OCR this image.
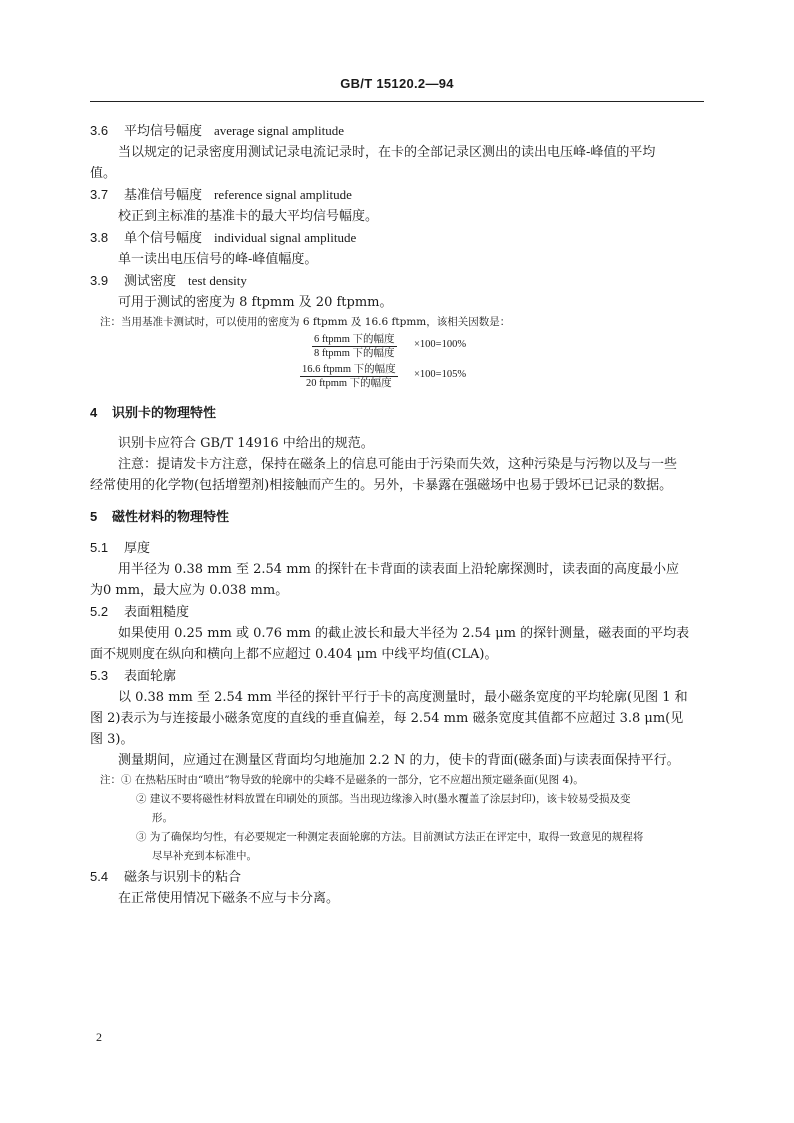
GB/T 15120.2—94
3.6 平均信号幅度 average signal amplitude
当以规定的记录密度用测试记录电流记录时，在卡的全部记录区测出的读出电压峰-峰值的平均
值。
3.7 基准信号幅度 reference signal amplitude
校正到主标准的基准卡的最大平均信号幅度。
3.8 单个信号幅度 individual signal amplitude
单一读出电压信号的峰-峰值幅度。
3.9 测试密度 test density
可用于测试的密度为 8 ftpmm 及 20 ftpmm。
注：当用基准卡测试时，可以使用的密度为 6 ftpmm 及 16.6 ftpmm，该相关因数是：
6 ftpmm 下的幅度
8 ftpmm 下的幅度
×100=100%
16.6 ftpmm 下的幅度
20 ftpmm 下的幅度
×100=105%
4 识别卡的物理特性
识别卡应符合 GB/T 14916 中给出的规范。
注意：提请发卡方注意，保持在磁条上的信息可能由于污染而失效，这种污染是与污物以及与一些
经常使用的化学物(包括增塑剂)相接触而产生的。另外，卡暴露在强磁场中也易于毁坏已记录的数据。
5 磁性材料的物理特性
5.1 厚度
用半径为 0.38 mm 至 2.54 mm 的探针在卡背面的读表面上沿轮廓探测时，读表面的高度最小应
为0 mm，最大应为 0.038 mm。
5.2 表面粗糙度
如果使用 0.25 mm 或 0.76 mm 的截止波长和最大半径为 2.54 μm 的探针测量，磁表面的平均表
面不规则度在纵向和横向上都不应超过 0.404 μm 中线平均值(CLA)。
5.3 表面轮廓
以 0.38 mm 至 2.54 mm 半径的探针平行于卡的高度测量时，最小磁条宽度的平均轮廓(见图 1 和
图 2)表示为与连接最小磁条宽度的直线的垂直偏差，每 2.54 mm 磁条宽度其值都不应超过 3.8 μm(见
图 3)。
测量期间，应通过在测量区背面均匀地施加 2.2 N 的力，使卡的背面(磁条面)与读表面保持平行。
注：① 在热粘压时由“喷出”物导致的轮廓中的尖峰不是磁条的一部分，它不应超出预定磁条面(见图 4)。
② 建议不要将磁性材料放置在印刷处的顶部。当出现边缘渗入时(墨水覆盖了涂层封印)，该卡较易受损及变
形。
③ 为了确保均匀性，有必要规定一种测定表面轮廓的方法。目前测试方法正在评定中，取得一致意见的规程将
尽早补充到本标准中。
5.4 磁条与识别卡的粘合
在正常使用情况下磁条不应与卡分离。
2
